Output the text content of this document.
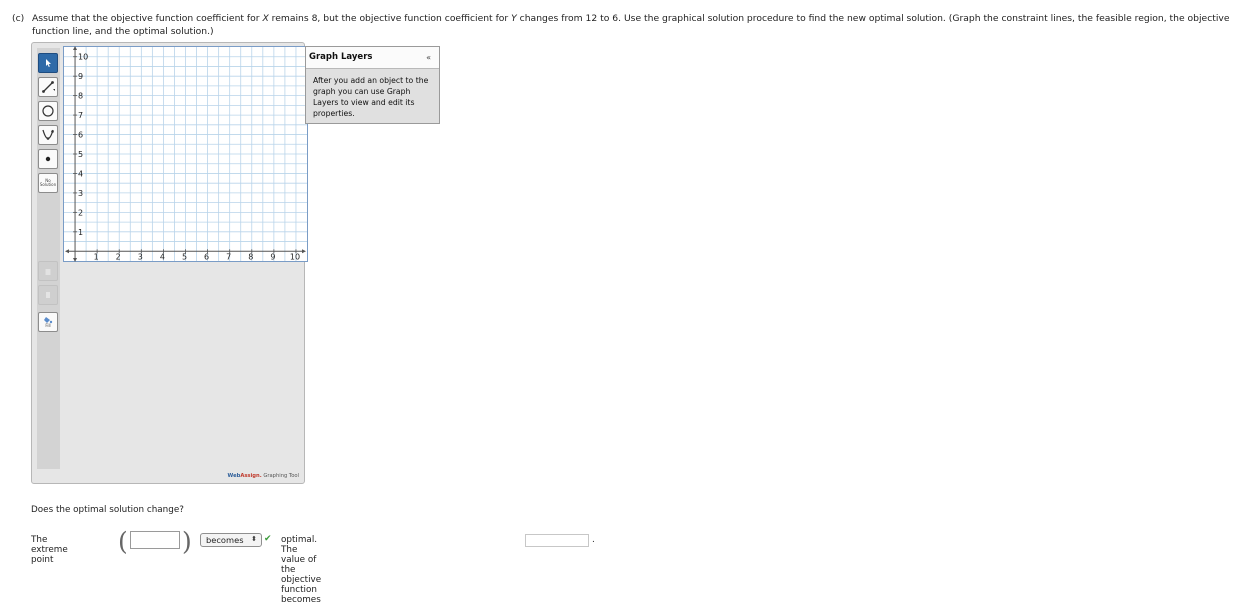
(c) Assume that the objective function coefficient for X remains 8, but the objective function coefficient for Y changes from 12 to 6. Use the graphical solution procedure to find the new optimal solution. (Graph the constraint lines, the feasible region, the objective function line, and the optimal solution.)
No Solution
Fill
1 2 3 4 5 6 7 8 9 10
1
2
3
4
5
6
7
8
9
10
WebAssign. Graphing Tool
Graph Layers	«
After you add an object to the graph you can use Graph Layers to view and edit its properties.
Does the optimal solution change?
The extreme point
( ) becomes ⬍ ✔ optimal. The value of the objective function becomes
.
